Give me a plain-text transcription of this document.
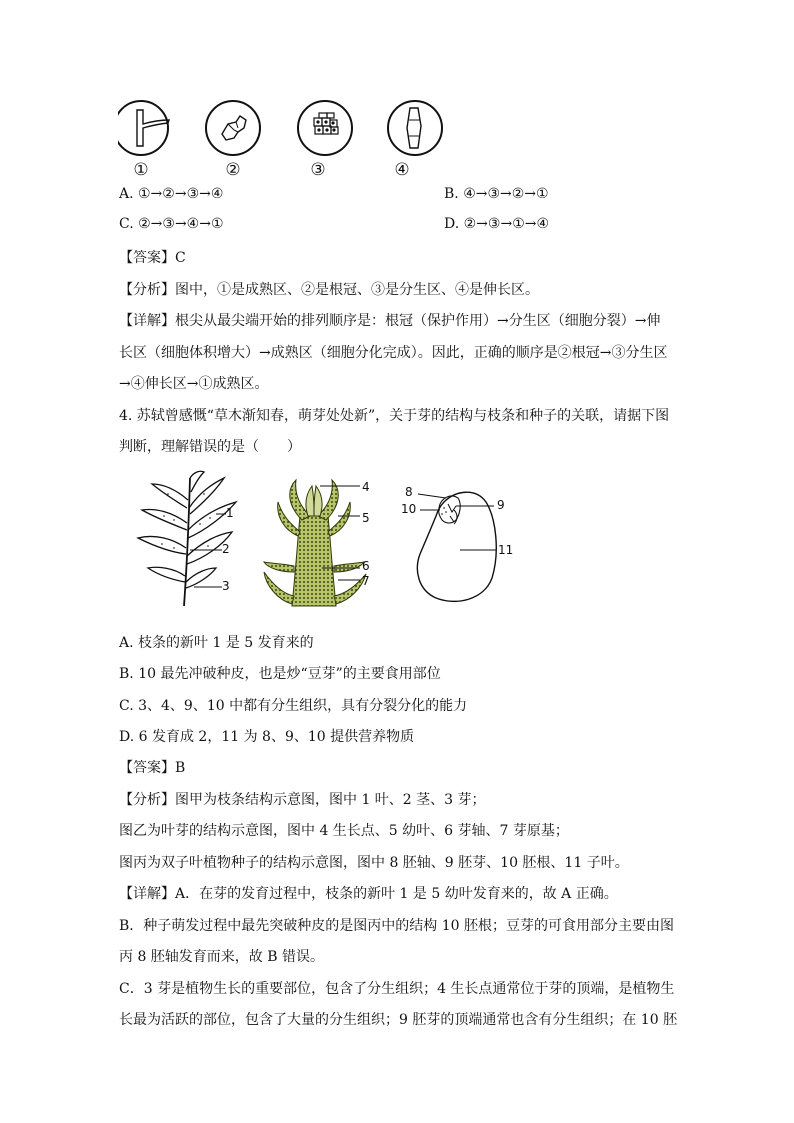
①	②	③	④
A. ①→②→③→④	B. ④→③→②→①
C. ②→③→④→①	D. ②→③→①→④
【答案】C
【分析】图中，①是成熟区、②是根冠、③是分生区、④是伸长区。
【详解】根尖从最尖端开始的排列顺序是：根冠（保护作用）→分生区（细胞分裂）→伸
长区（细胞体积增大）→成熟区（细胞分化完成）。因此，正确的顺序是②根冠→③分生区
→④伸长区→①成熟区。
4. 苏轼曾感慨“草木渐知春，萌芽处处新”，关于芽的结构与枝条和种子的关联，请据下图
判断，理解错误的是（　　）
1
2
3
4
5
6
7
8
9
10
11
A. 枝条的新叶 1 是 5 发育来的
B. 10 最先冲破种皮，也是炒“豆芽”的主要食用部位
C. 3、4、9、10 中都有分生组织，具有分裂分化的能力
D. 6 发育成 2，11 为 8、9、10 提供营养物质
【答案】B
【分析】图甲为枝条结构示意图，图中 1 叶、2 茎、3 芽；
图乙为叶芽的结构示意图，图中 4 生长点、5 幼叶、6 芽轴、7 芽原基；
图丙为双子叶植物种子的结构示意图，图中 8 胚轴、9 胚芽、10 胚根、11 子叶。
【详解】A．在芽的发育过程中，枝条的新叶 1 是 5 幼叶发育来的，故 A 正确。
B．种子萌发过程中最先突破种皮的是图丙中的结构 10 胚根；豆芽的可食用部分主要由图
丙 8 胚轴发育而来，故 B 错误。
C．3 芽是植物生长的重要部位，包含了分生组织；4 生长点通常位于芽的顶端，是植物生
长最为活跃的部位，包含了大量的分生组织；9 胚芽的顶端通常也含有分生组织；在 10 胚
